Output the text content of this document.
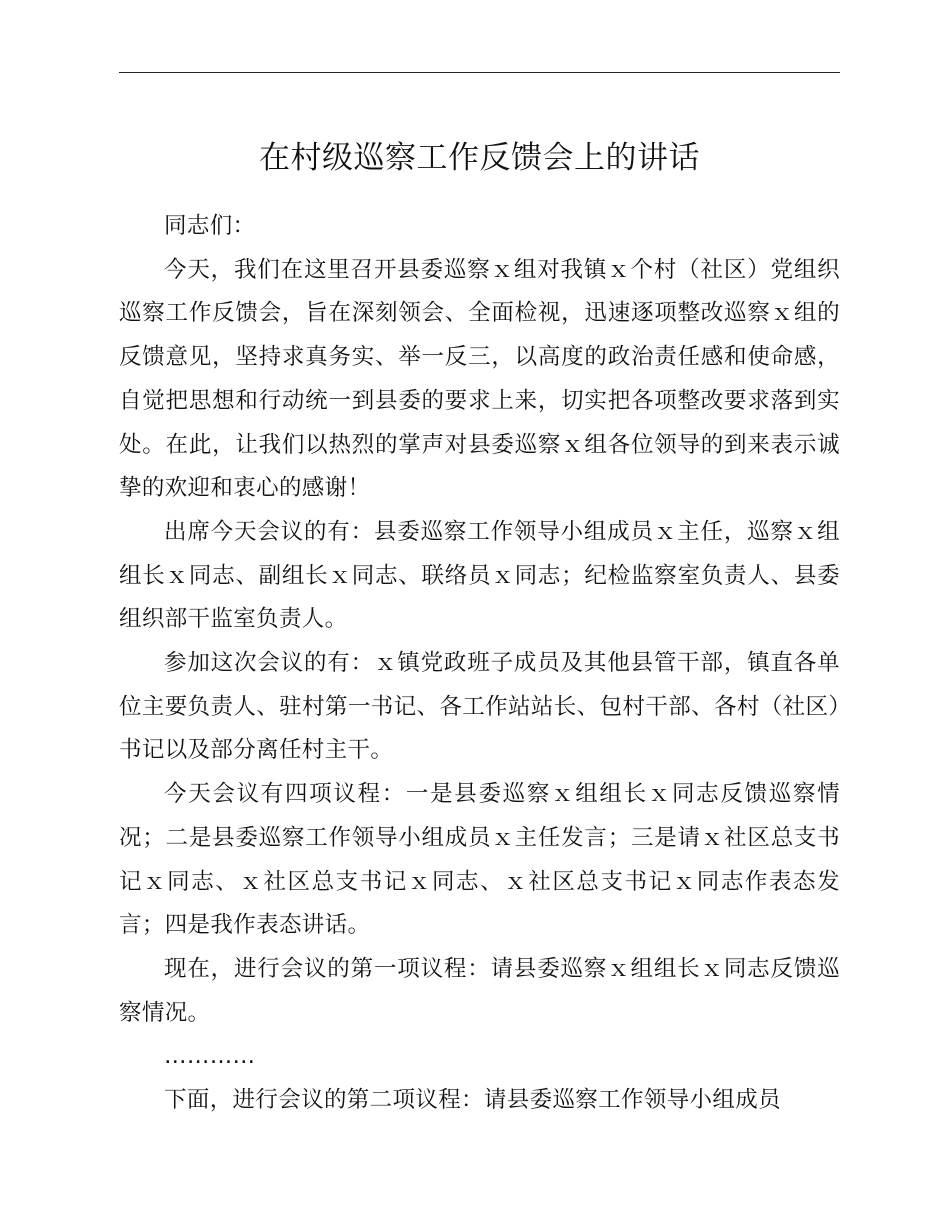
在村级巡察工作反馈会上的讲话

同志们：

今天，我们在这里召开县委巡察ｘ组对我镇ｘ个村（社区）党组织巡察工作反馈会，旨在深刻领会、全面检视，迅速逐项整改巡察ｘ组的反馈意见，坚持求真务实、举一反三，以高度的政治责任感和使命感，自觉把思想和行动统一到县委的要求上来，切实把各项整改要求落到实处。在此，让我们以热烈的掌声对县委巡察ｘ组各位领导的到来表示诚挚的欢迎和衷心的感谢！

出席今天会议的有：县委巡察工作领导小组成员ｘ主任，巡察ｘ组组长ｘ同志、副组长ｘ同志、联络员ｘ同志；纪检监察室负责人、县委组织部干监室负责人。

参加这次会议的有：ｘ镇党政班子成员及其他县管干部，镇直各单位主要负责人、驻村第一书记、各工作站站长、包村干部、各村（社区）书记以及部分离任村主干。

今天会议有四项议程：一是县委巡察ｘ组组长ｘ同志反馈巡察情况；二是县委巡察工作领导小组成员ｘ主任发言；三是请ｘ社区总支书记ｘ同志、ｘ社区总支书记ｘ同志、ｘ社区总支书记ｘ同志作表态发言；四是我作表态讲话。

现在，进行会议的第一项议程：请县委巡察ｘ组组长ｘ同志反馈巡察情况。

…………

下面，进行会议的第二项议程：请县委巡察工作领导小组成员
